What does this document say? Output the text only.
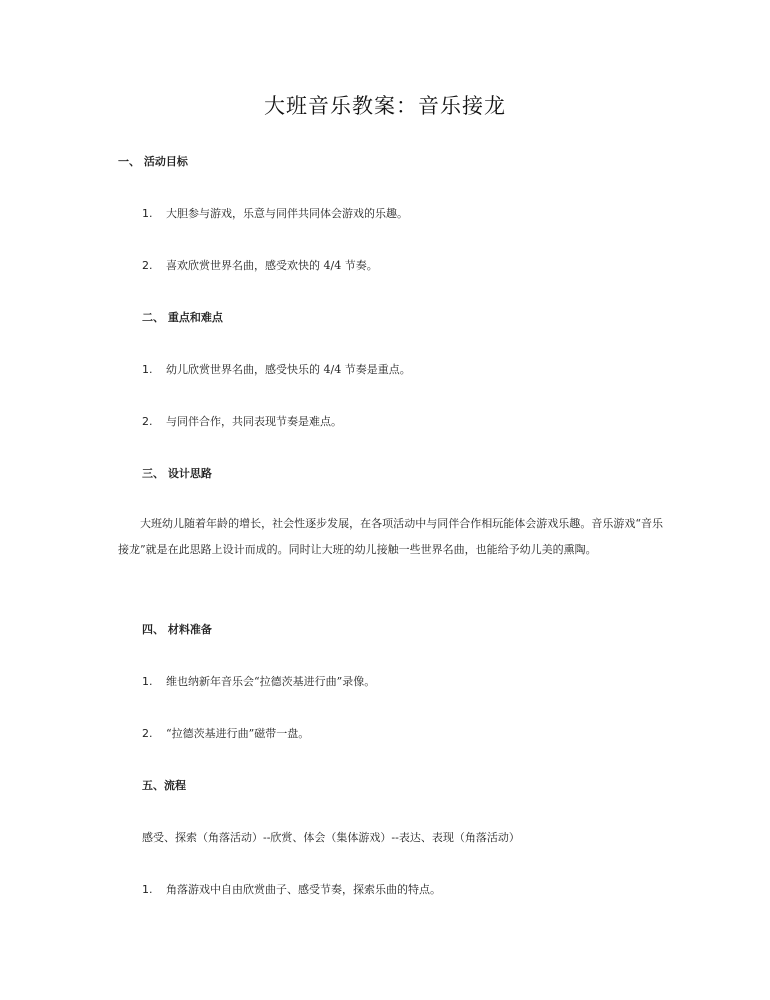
大班音乐教案：音乐接龙
一、 活动目标
1. 大胆参与游戏，乐意与同伴共同体会游戏的乐趣。
2. 喜欢欣赏世界名曲，感受欢快的 4/4 节奏。
二、 重点和难点
1. 幼儿欣赏世界名曲，感受快乐的 4/4 节奏是重点。
2. 与同伴合作，共同表现节奏是难点。
三、 设计思路
大班幼儿随着年龄的增长，社会性逐步发展，在各项活动中与同伴合作相玩能体会游戏乐趣。音乐游戏“音乐接龙”就是在此思路上设计而成的。同时让大班的幼儿接触一些世界名曲，也能给予幼儿美的熏陶。
四、 材料准备
1. 维也纳新年音乐会“拉德茨基进行曲”录像。
2. “拉德茨基进行曲”磁带一盘。
五、流程
感受、探索（角落活动）--欣赏、体会（集体游戏）--表达、表现（角落活动）
1. 角落游戏中自由欣赏曲子、感受节奏，探索乐曲的特点。
